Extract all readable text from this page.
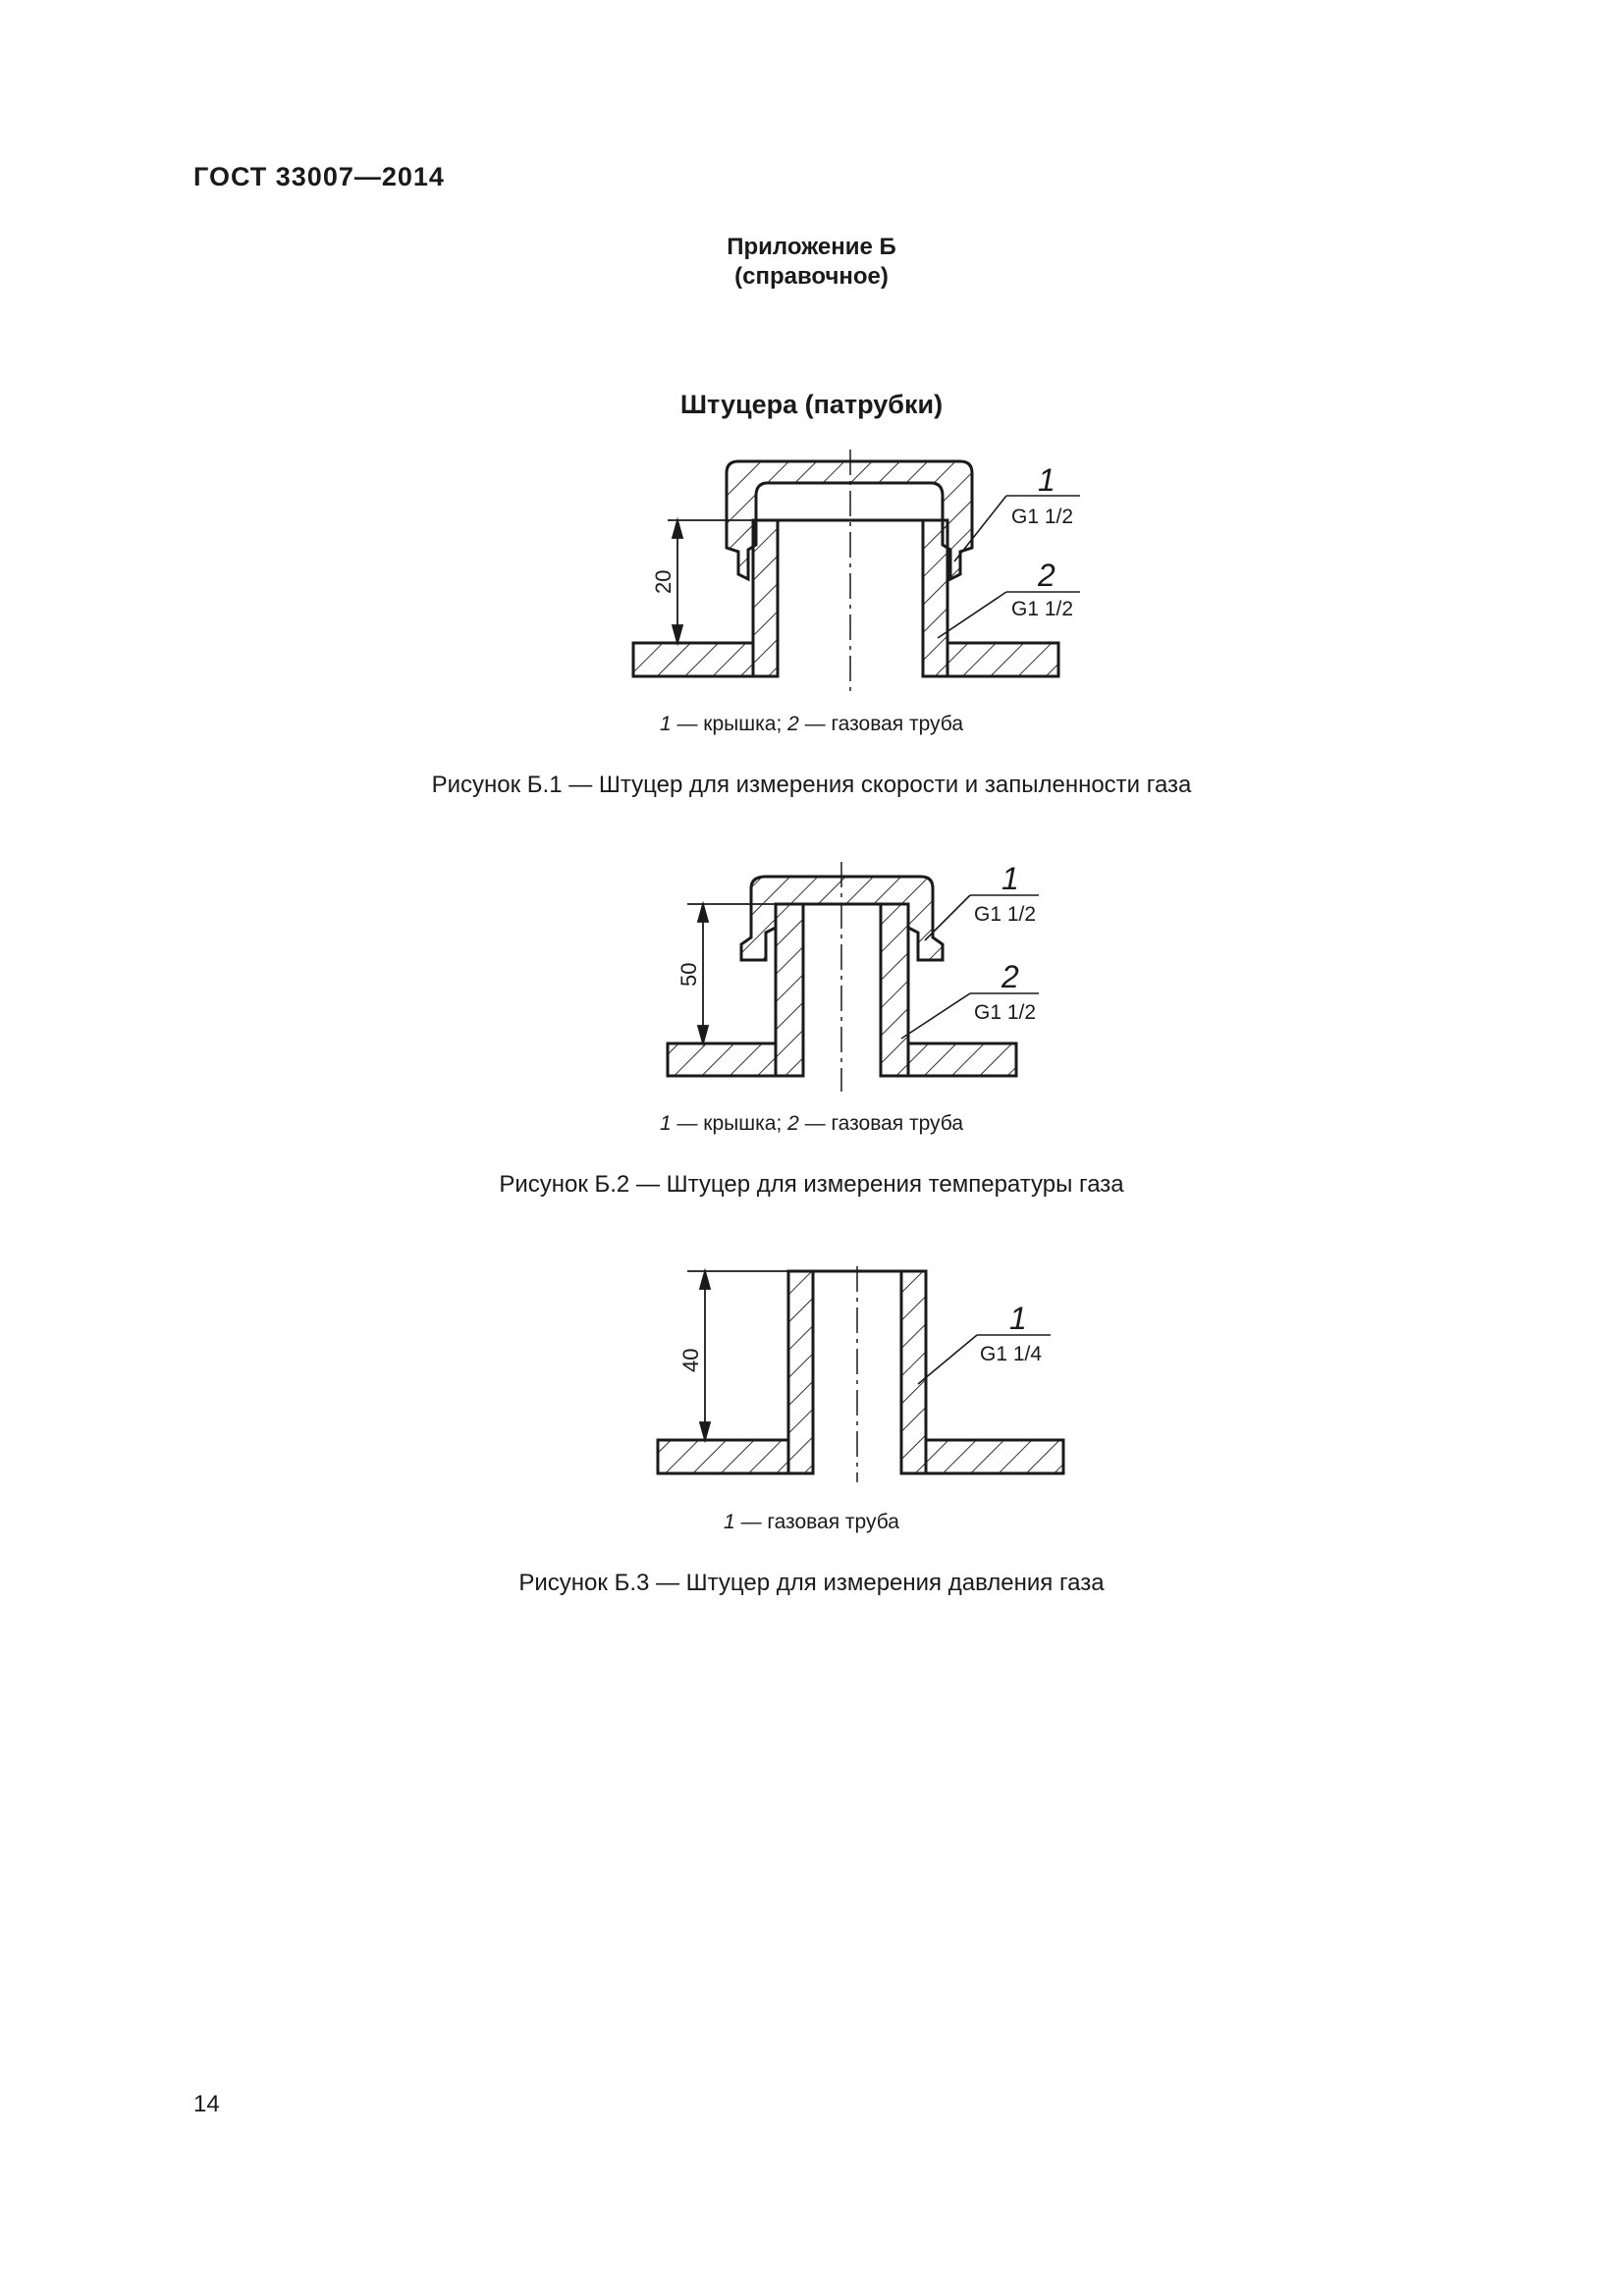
ГОСТ 33007—2014
Приложение Б
(справочное)
Штуцера (патрубки)
20
1
G1 1/2
2
G1 1/2
1 — крышка; 2 — газовая труба
Рисунок Б.1 — Штуцер для измерения скорости и запыленности газа
50
1
G1 1/2
2
G1 1/2
1 — крышка; 2 — газовая труба
Рисунок Б.2 — Штуцер для измерения температуры газа
40
1
G1 1/4
1 — газовая труба
Рисунок Б.3 — Штуцер для измерения давления газа
14
